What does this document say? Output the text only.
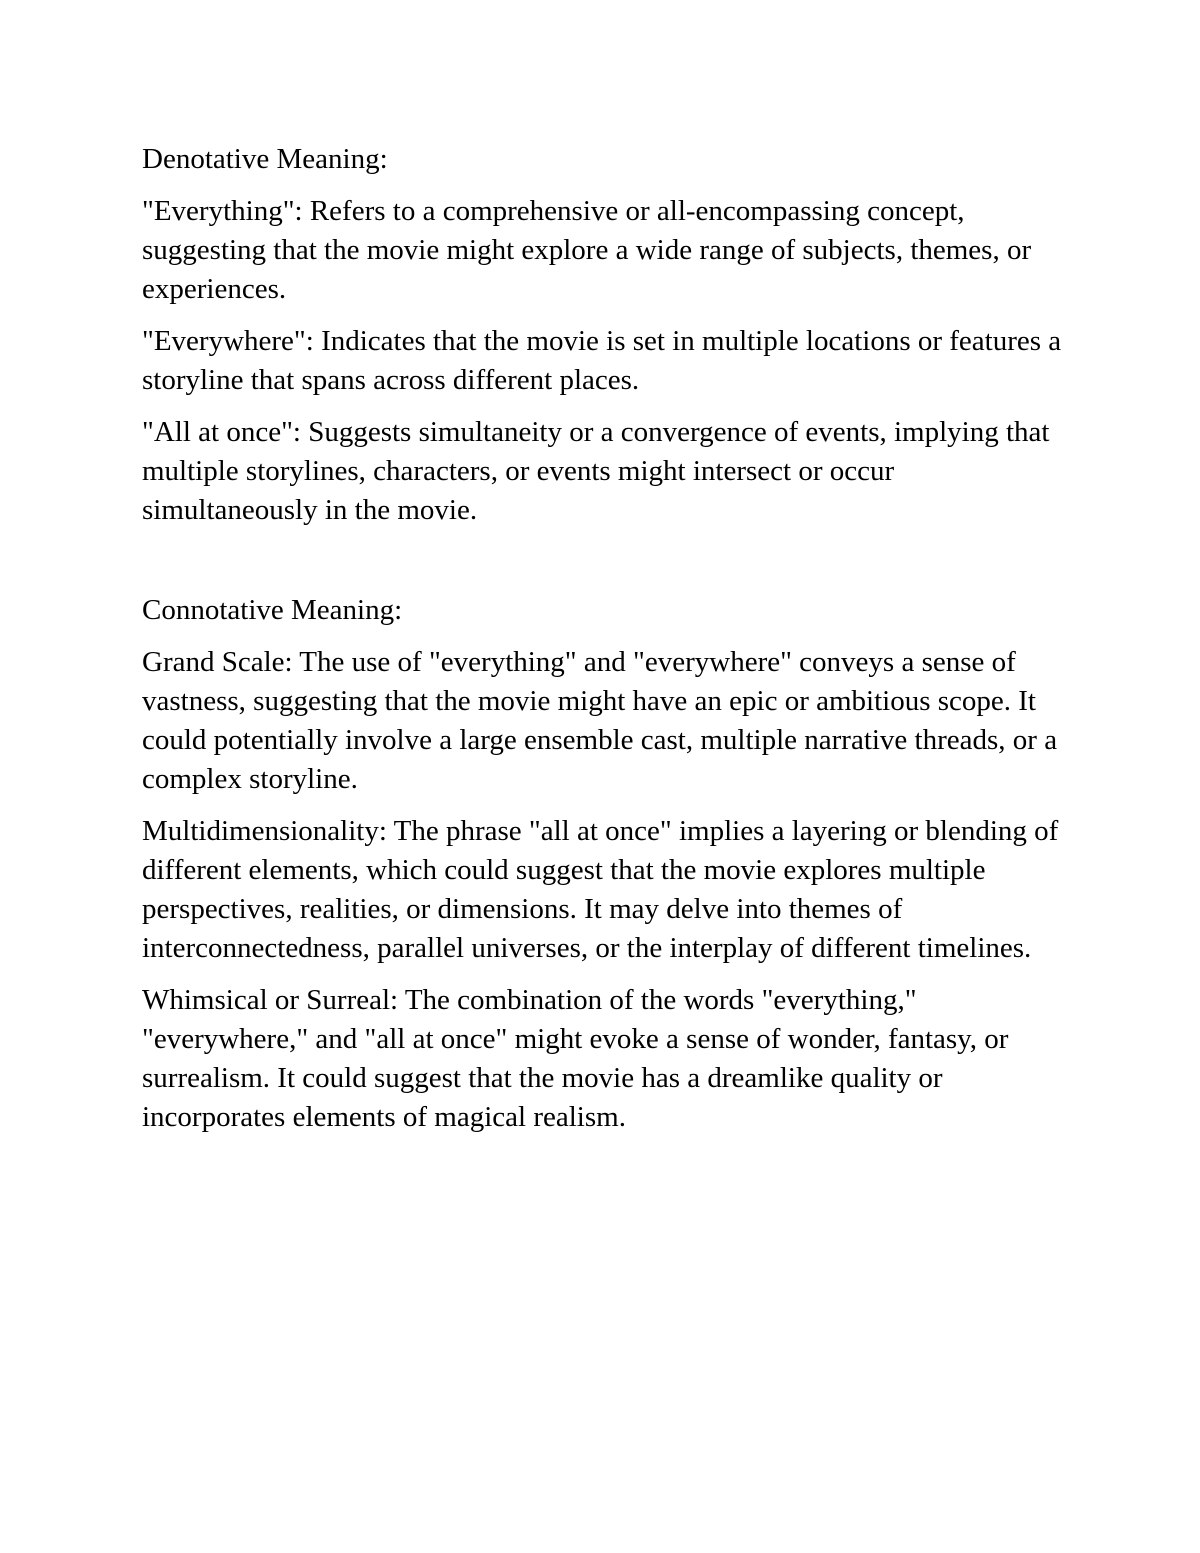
Denotative Meaning:

"Everything": Refers to a comprehensive or all-encompassing concept, suggesting that the movie might explore a wide range of subjects, themes, or experiences.

"Everywhere": Indicates that the movie is set in multiple locations or features a storyline that spans across different places.

"All at once": Suggests simultaneity or a convergence of events, implying that multiple storylines, characters, or events might intersect or occur simultaneously in the movie.

Connotative Meaning:

Grand Scale: The use of "everything" and "everywhere" conveys a sense of vastness, suggesting that the movie might have an epic or ambitious scope. It could potentially involve a large ensemble cast, multiple narrative threads, or a complex storyline.

Multidimensionality: The phrase "all at once" implies a layering or blending of different elements, which could suggest that the movie explores multiple perspectives, realities, or dimensions. It may delve into themes of interconnectedness, parallel universes, or the interplay of different timelines.

Whimsical or Surreal: The combination of the words "everything," "everywhere," and "all at once" might evoke a sense of wonder, fantasy, or surrealism. It could suggest that the movie has a dreamlike quality or incorporates elements of magical realism.
